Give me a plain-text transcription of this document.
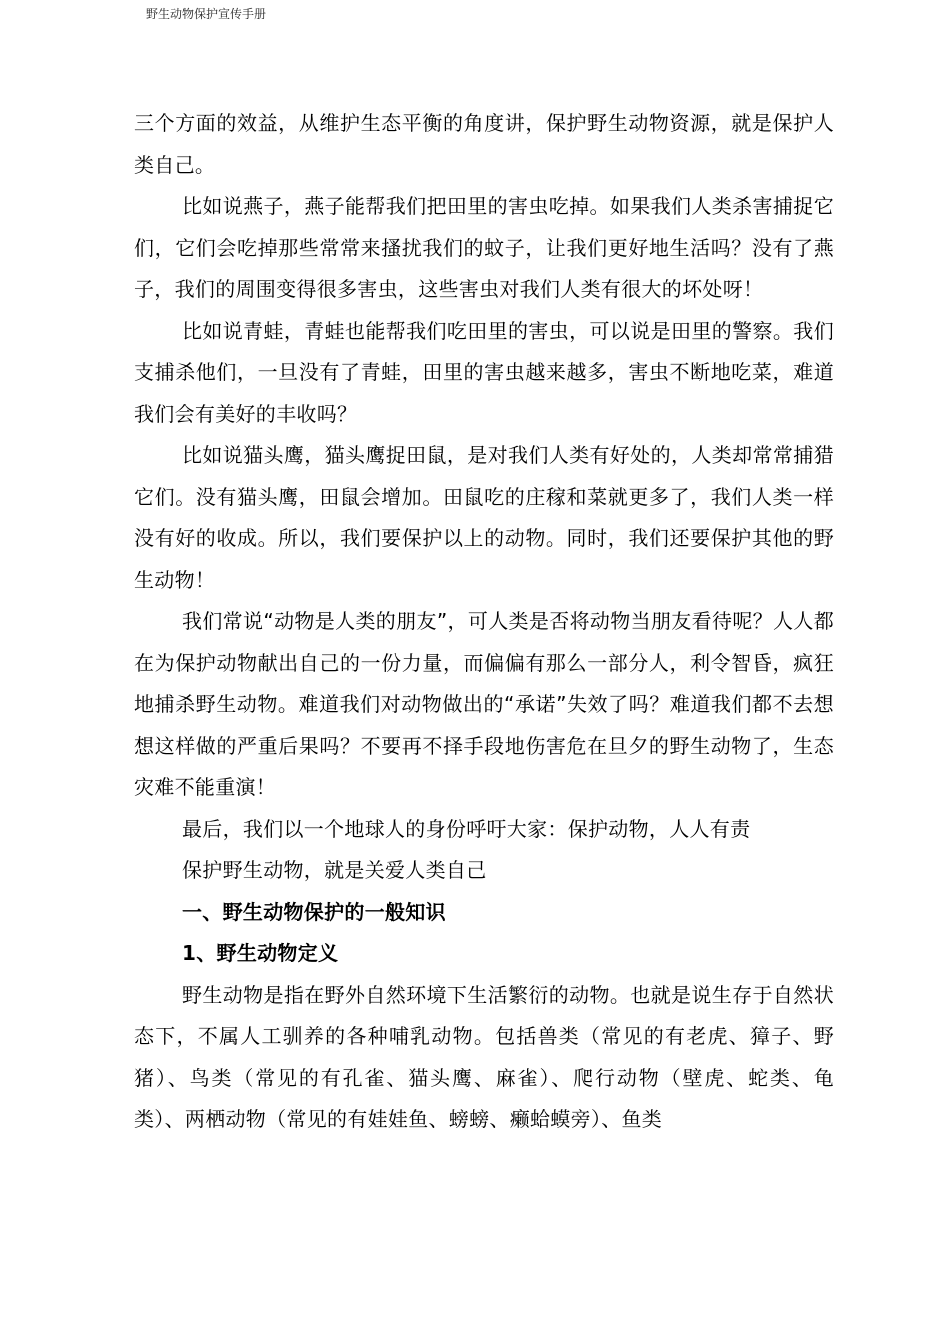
野生动物保护宣传手册

三个方面的效益，从维护生态平衡的角度讲，保护野生动物资源，就是保护人类自己。

比如说燕子，燕子能帮我们把田里的害虫吃掉。如果我们人类杀害捕捉它们，它们会吃掉那些常常来搔扰我们的蚊子，让我们更好地生活吗？没有了燕子，我们的周围变得很多害虫，这些害虫对我们人类有很大的坏处呀！

比如说青蛙，青蛙也能帮我们吃田里的害虫，可以说是田里的警察。我们支捕杀他们，一旦没有了青蛙，田里的害虫越来越多，害虫不断地吃菜，难道我们会有美好的丰收吗？

比如说猫头鹰，猫头鹰捉田鼠，是对我们人类有好处的，人类却常常捕猎它们。没有猫头鹰，田鼠会增加。田鼠吃的庄稼和菜就更多了，我们人类一样没有好的收成。所以，我们要保护以上的动物。同时，我们还要保护其他的野生动物！

我们常说“动物是人类的朋友”，可人类是否将动物当朋友看待呢？人人都在为保护动物献出自己的一份力量，而偏偏有那么一部分人，利令智昏，疯狂地捕杀野生动物。难道我们对动物做出的“承诺”失效了吗？难道我们都不去想想这样做的严重后果吗？不要再不择手段地伤害危在旦夕的野生动物了，生态灾难不能重演！

最后，我们以一个地球人的身份呼吁大家：保护动物，人人有责

保护野生动物，就是关爱人类自己

一、野生动物保护的一般知识

1、野生动物定义

野生动物是指在野外自然环境下生活繁衍的动物。也就是说生存于自然状态下，不属人工驯养的各种哺乳动物。包括兽类（常见的有老虎、獐子、野猪）、鸟类（常见的有孔雀、猫头鹰、麻雀）、爬行动物（壁虎、蛇类、龟类）、两栖动物（常见的有娃娃鱼、螃螃、癞蛤蟆旁）、鱼类
